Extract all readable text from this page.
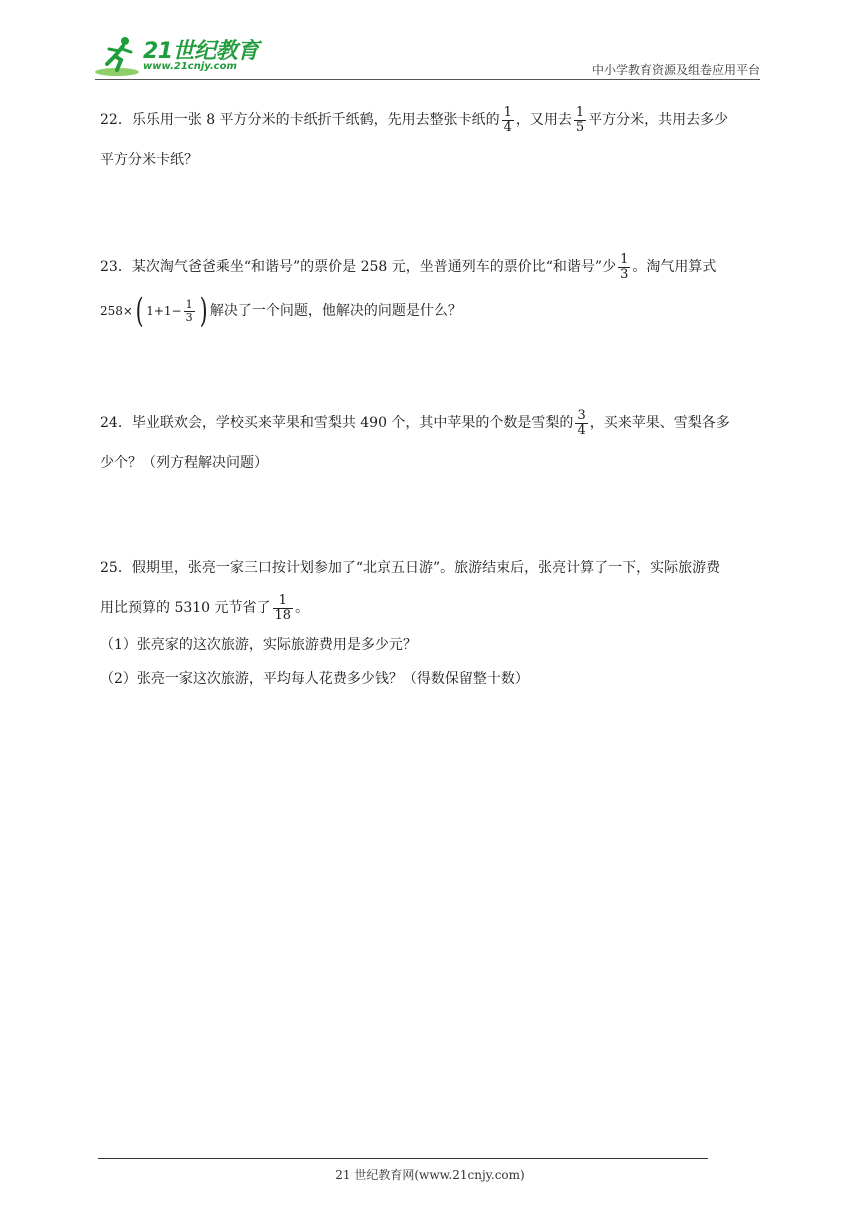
21世纪教育
www.21cnjy.com	中小学教育资源及组卷应用平台
22．乐乐用一张 8 平方分米的卡纸折千纸鹤，先用去整张卡纸的 $\frac{1}{4}$ ，又用去 $\frac{1}{5}$ 平方分米，共用去多少
平方分米卡纸？
23．某次淘气爸爸乘坐“和谐号”的票价是 258 元，坐普通列车的票价比“和谐号”少 $\frac{1}{3}$ 。淘气用算式
258×( $1+1- \frac{1}{3}$ ) 解决了一个问题，他解决的问题是什么？
24．毕业联欢会，学校买来苹果和雪梨共 490 个，其中苹果的个数是雪梨的 $\frac{3}{4}$ ，买来苹果、雪梨各多
少个？（列方程解决问题）
25．假期里，张亮一家三口按计划参加了“北京五日游”。旅游结束后，张亮计算了一下，实际旅游费
用比预算的 5310 元节省了 $\frac{1}{18}$ 。
（1）张亮家的这次旅游，实际旅游费用是多少元？
（2）张亮一家这次旅游，平均每人花费多少钱？（得数保留整十数）
21 世纪教育网(www.21cnjy.com)
